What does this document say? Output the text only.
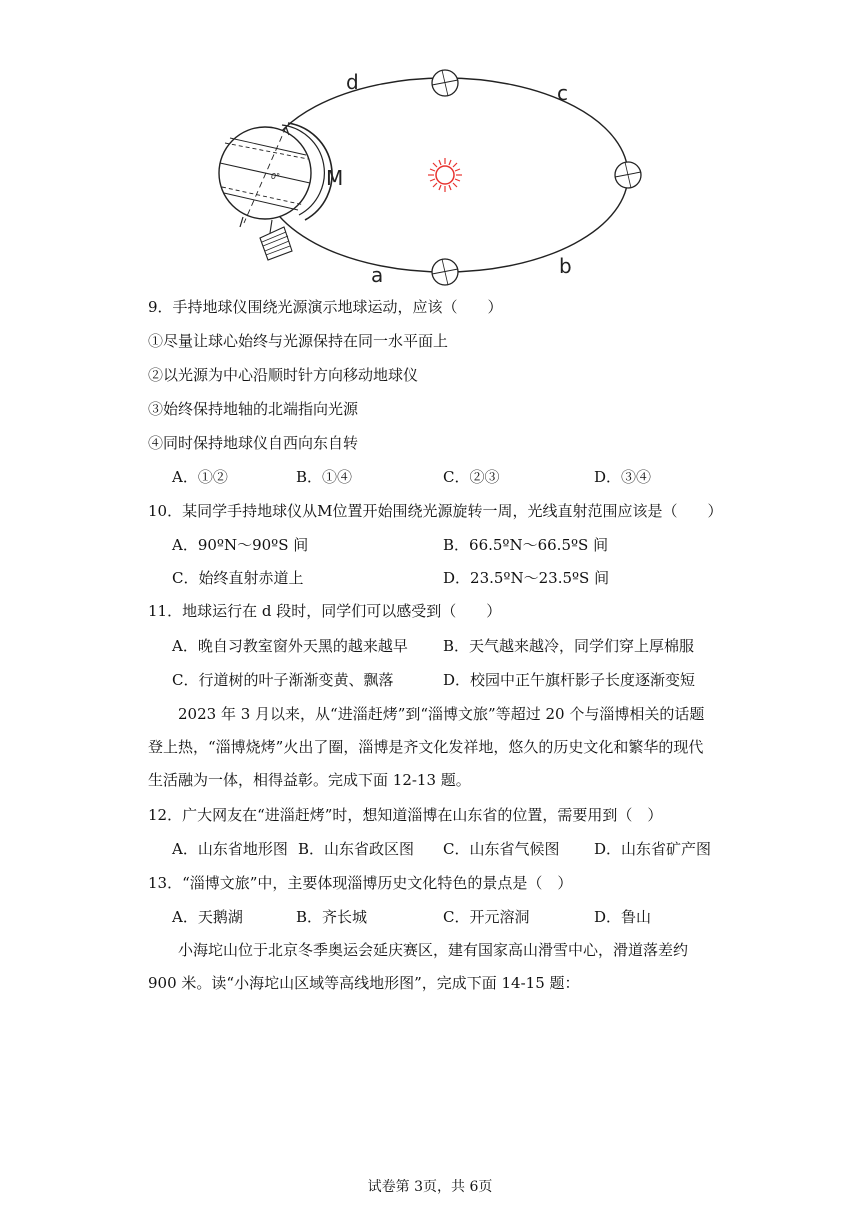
d	c
a	b
M
0°
9．手持地球仪围绕光源演示地球运动，应该（　　）
①尽量让球心始终与光源保持在同一水平面上
②以光源为中心沿顺时针方向移动地球仪
③始终保持地轴的北端指向光源
④同时保持地球仪自西向东自转
A．①②	B．①④	C．②③	D．③④
10．某同学手持地球仪从M位置开始围绕光源旋转一周，光线直射范围应该是（　　）
A．90ºN～90ºS 间	B．66.5ºN～66.5ºS 间
C．始终直射赤道上	D．23.5ºN～23.5ºS 间
11．地球运行在 d 段时，同学们可以感受到（　　）
A．晚自习教室窗外天黑的越来越早 B．天气越来越冷，同学们穿上厚棉服
C．行道树的叶子渐渐变黄、飘落	D．校园中正午旗杆影子长度逐渐变短
2023 年 3 月以来，从“进淄赶烤”到“淄博文旅”等超过 20 个与淄博相关的话题登上热，“淄博烧烤”火出了圈，淄博是齐文化发祥地，悠久的历史文化和繁华的现代生活融为一体，相得益彰。完成下面 12-13 题。
12．广大网友在“进淄赶烤”时，想知道淄博在山东省的位置，需要用到（　）
A．山东省地形图 B．山东省政区图 C．山东省气候图 D．山东省矿产图
13．“淄博文旅”中，主要体现淄博历史文化特色的景点是（　）
A．天鹅湖	B．齐长城	C．开元溶洞	D．鲁山
小海坨山位于北京冬季奥运会延庆赛区，建有国家高山滑雪中心，滑道落差约 900 米。读“小海坨山区域等高线地形图”，完成下面 14-15 题：
试卷第 3页，共 6页
